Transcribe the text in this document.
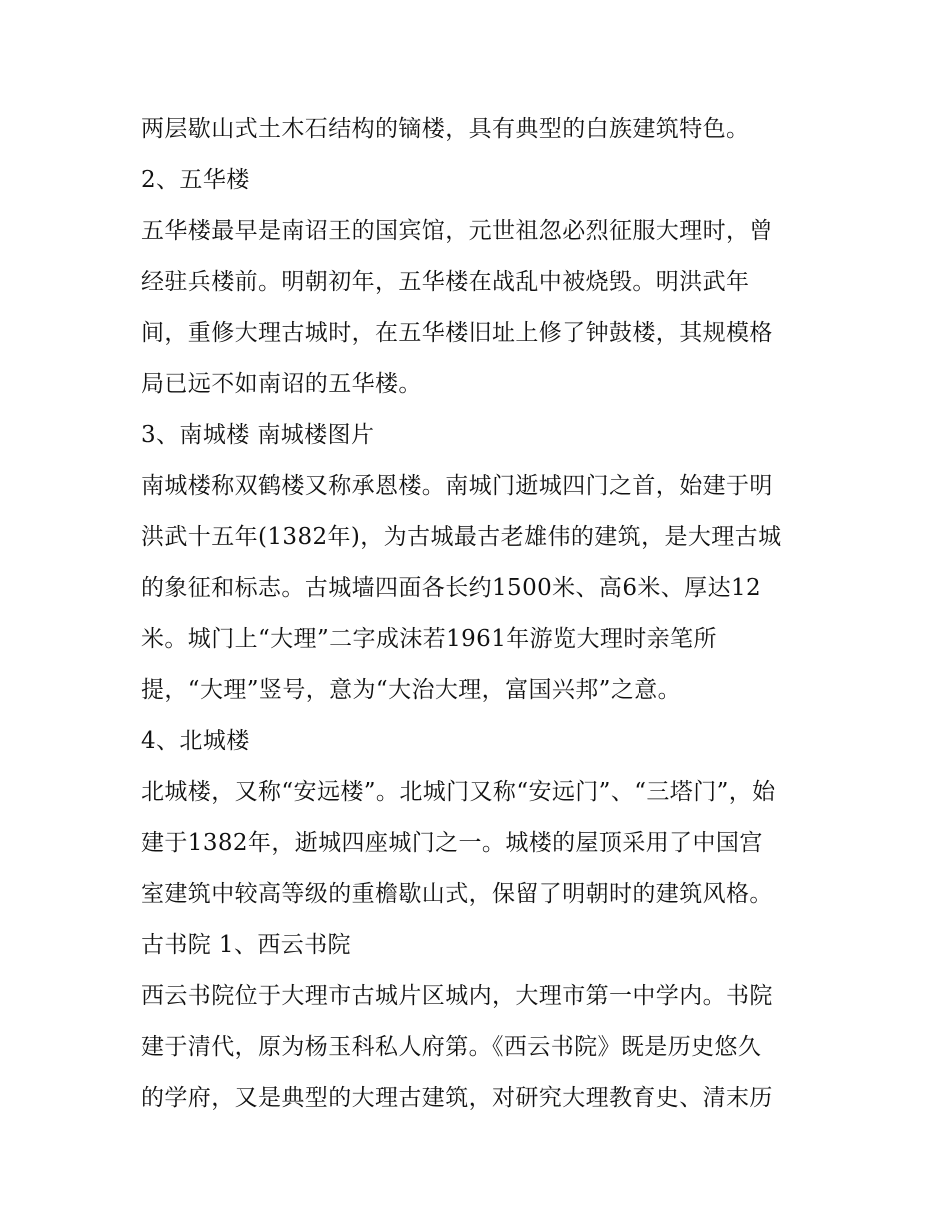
两层歇山式土木石结构的镝楼，具有典型的白族建筑特色。
2、五华楼
五华楼最早是南诏王的国宾馆，元世祖忽必烈征服大理时，曾
经驻兵楼前。明朝初年，五华楼在战乱中被烧毁。明洪武年
间，重修大理古城时，在五华楼旧址上修了钟鼓楼，其规模格
局已远不如南诏的五华楼。
3、南城楼 南城楼图片
南城楼称双鹤楼又称承恩楼。南城门逝城四门之首，始建于明
洪武十五年(1382年)，为古城最古老雄伟的建筑，是大理古城
的象征和标志。古城墙四面各长约1500米、高6米、厚达12
米。城门上“大理”二字成沫若1961年游览大理时亲笔所
提，“大理”竖号，意为“大治大理，富国兴邦”之意。
4、北城楼
北城楼，又称“安远楼”。北城门又称“安远门”、“三塔门”，始
建于1382年，逝城四座城门之一。城楼的屋顶采用了中国宫
室建筑中较高等级的重檐歇山式，保留了明朝时的建筑风格。
古书院 1、西云书院
西云书院位于大理市古城片区城内，大理市第一中学内。书院
建于清代，原为杨玉科私人府第。《西云书院》既是历史悠久
的学府，又是典型的大理古建筑，对研究大理教育史、清末历
